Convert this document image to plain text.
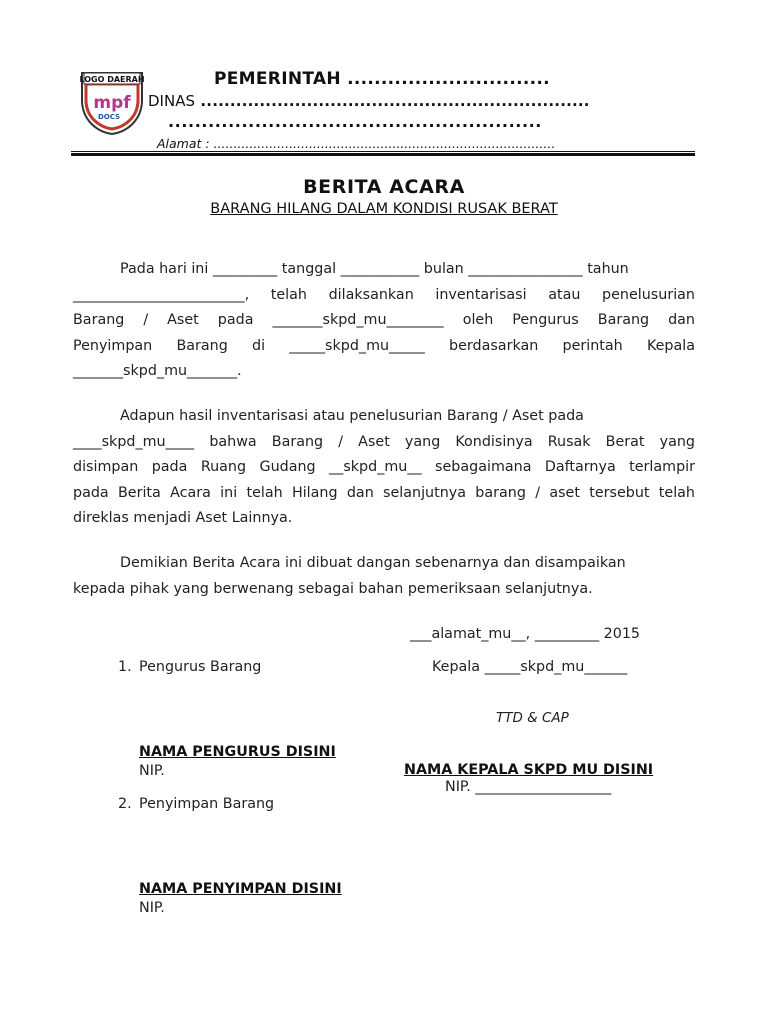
LOGO DAERAH
mpf
DOCS
PEMERINTAH ..............................
DINAS ..................................................................
........................................................
Alamat : ......................................................................................
BERITA ACARA
BARANG HILANG DALAM KONDISI RUSAK BERAT
Pada hari ini _________ tanggal ___________ bulan ________________ tahun
________________________, telah dilaksankan inventarisasi atau penelusurian
Barang / Aset pada _______skpd_mu________ oleh Pengurus Barang dan
Penyimpan Barang di _____skpd_mu_____ berdasarkan perintah Kepala
_______skpd_mu_______.
Adapun hasil inventarisasi atau penelusurian Barang / Aset pada
____skpd_mu____ bahwa Barang / Aset yang Kondisinya Rusak Berat yang
disimpan pada Ruang Gudang __skpd_mu__ sebagaimana Daftarnya terlampir
pada Berita Acara ini telah Hilang dan selanjutnya barang / aset tersebut telah
direklas menjadi Aset Lainnya.
Demikian Berita Acara ini dibuat dangan sebenarnya dan disampaikan
kepada pihak yang berwenang sebagai bahan pemeriksaan selanjutnya.
___alamat_mu__, _________ 2015
1. Pengurus Barang	Kepala _____skpd_mu______
TTD & CAP
NAMA PENGURUS DISINI
NIP.	NAMA KEPALA SKPD MU DISINI
NIP. ___________________
2. Penyimpan Barang
NAMA PENYIMPAN DISINI
NIP.
